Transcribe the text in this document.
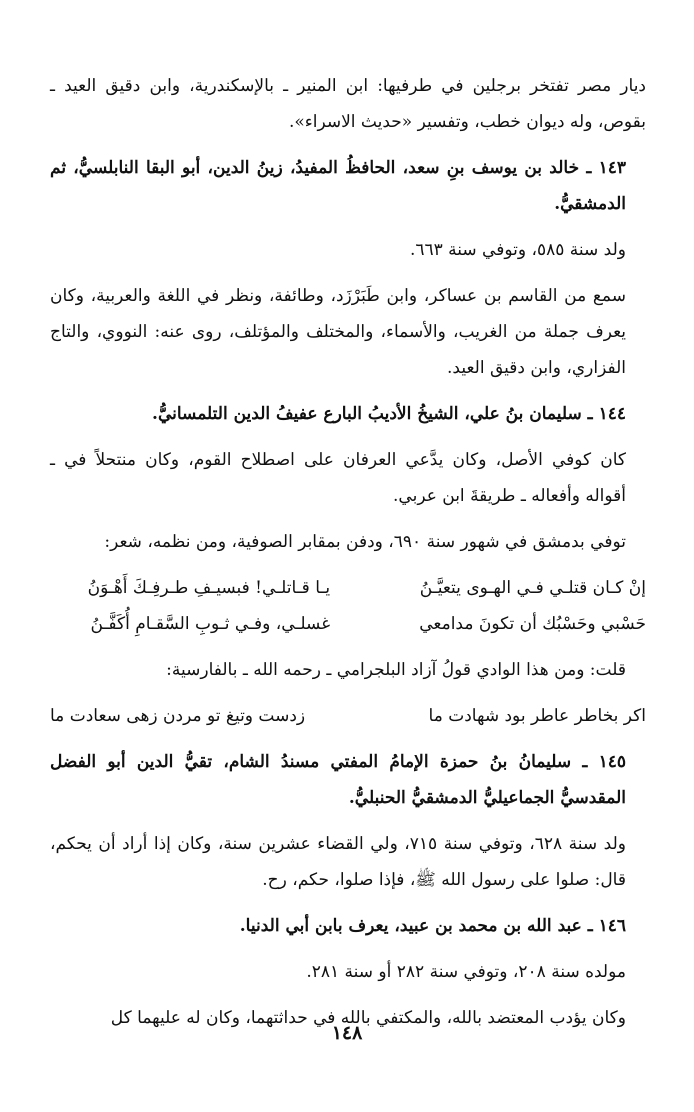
ديار مصر تفتخر برجلين في طرفيها: ابن المنير ـ بالإسكندرية، وابن دقيق العيد ـ بقوص، وله ديوان خطب، وتفسير «حديث الاسراء».

١٤٣ ـ خالد بن يوسف بنِ سعد، الحافظُ المفيدُ، زينُ الدين، أبو البقا النابلسيُّ، ثم الدمشقيُّ.

ولد سنة ٥٨٥، وتوفي سنة ٦٦٣.

سمع من القاسم بن عساكر، وابن طَبَرْزَد، وطائفة، ونظر في اللغة والعربية، وكان يعرف جملة من الغريب، والأسماء، والمختلف والمؤتلف، روى عنه: النووي، والتاج الفزاري، وابن دقيق العيد.

١٤٤ ـ سليمان بنُ علي، الشيخُ الأديبُ البارع عفيفُ الدين التلمسانيُّ.

كان كوفي الأصل، وكان يدَّعي العرفان على اصطلاح القوم، وكان منتحلاً في ـ أقواله وأفعاله ـ طريقةَ ابن عربي.

توفي بدمشق في شهور سنة ٦٩٠، ودفن بمقابر الصوفية، ومن نظمه، شعر:

إنْ كـان قتلـي فـي الهـوى يتعيَّـنُ
يـا قـاتلـي! فبسيـفِ طـرفِـكَ أَهْـوَنُ
حَسْبي وحَسْبُك أن تكونَ مدامعي
غسلـي، وفـي ثـوبِ السَّقـامِ أُكَفَّـنُ

قلت: ومن هذا الوادي قولُ آزاد البلجرامي ـ رحمه الله ـ بالفارسية:

اكر بخاطر عاطر بود شهادت ما
زدست وتيغ تو مردن زهى سعادت ما

١٤٥ ـ سليمانُ بنُ حمزة الإمامُ المفتي مسندُ الشام، تقيُّ الدين أبو الفضل المقدسيُّ الجماعيليُّ الدمشقيُّ الحنبليُّ.

ولد سنة ٦٢٨، وتوفي سنة ٧١٥، ولي القضاء عشرين سنة، وكان إذا أراد أن يحكم، قال: صلوا على رسول الله ﷺ، فإذا صلوا، حكم، رح.

١٤٦ ـ عبد الله بن محمد بن عبيد، يعرف بابن أبي الدنيا.

مولده سنة ٢٠٨، وتوفي سنة ٢٨٢ أو سنة ٢٨١.

وكان يؤدب المعتضد بالله، والمكتفي بالله في حداثتهما، وكان له عليهما كل

١٤٨
